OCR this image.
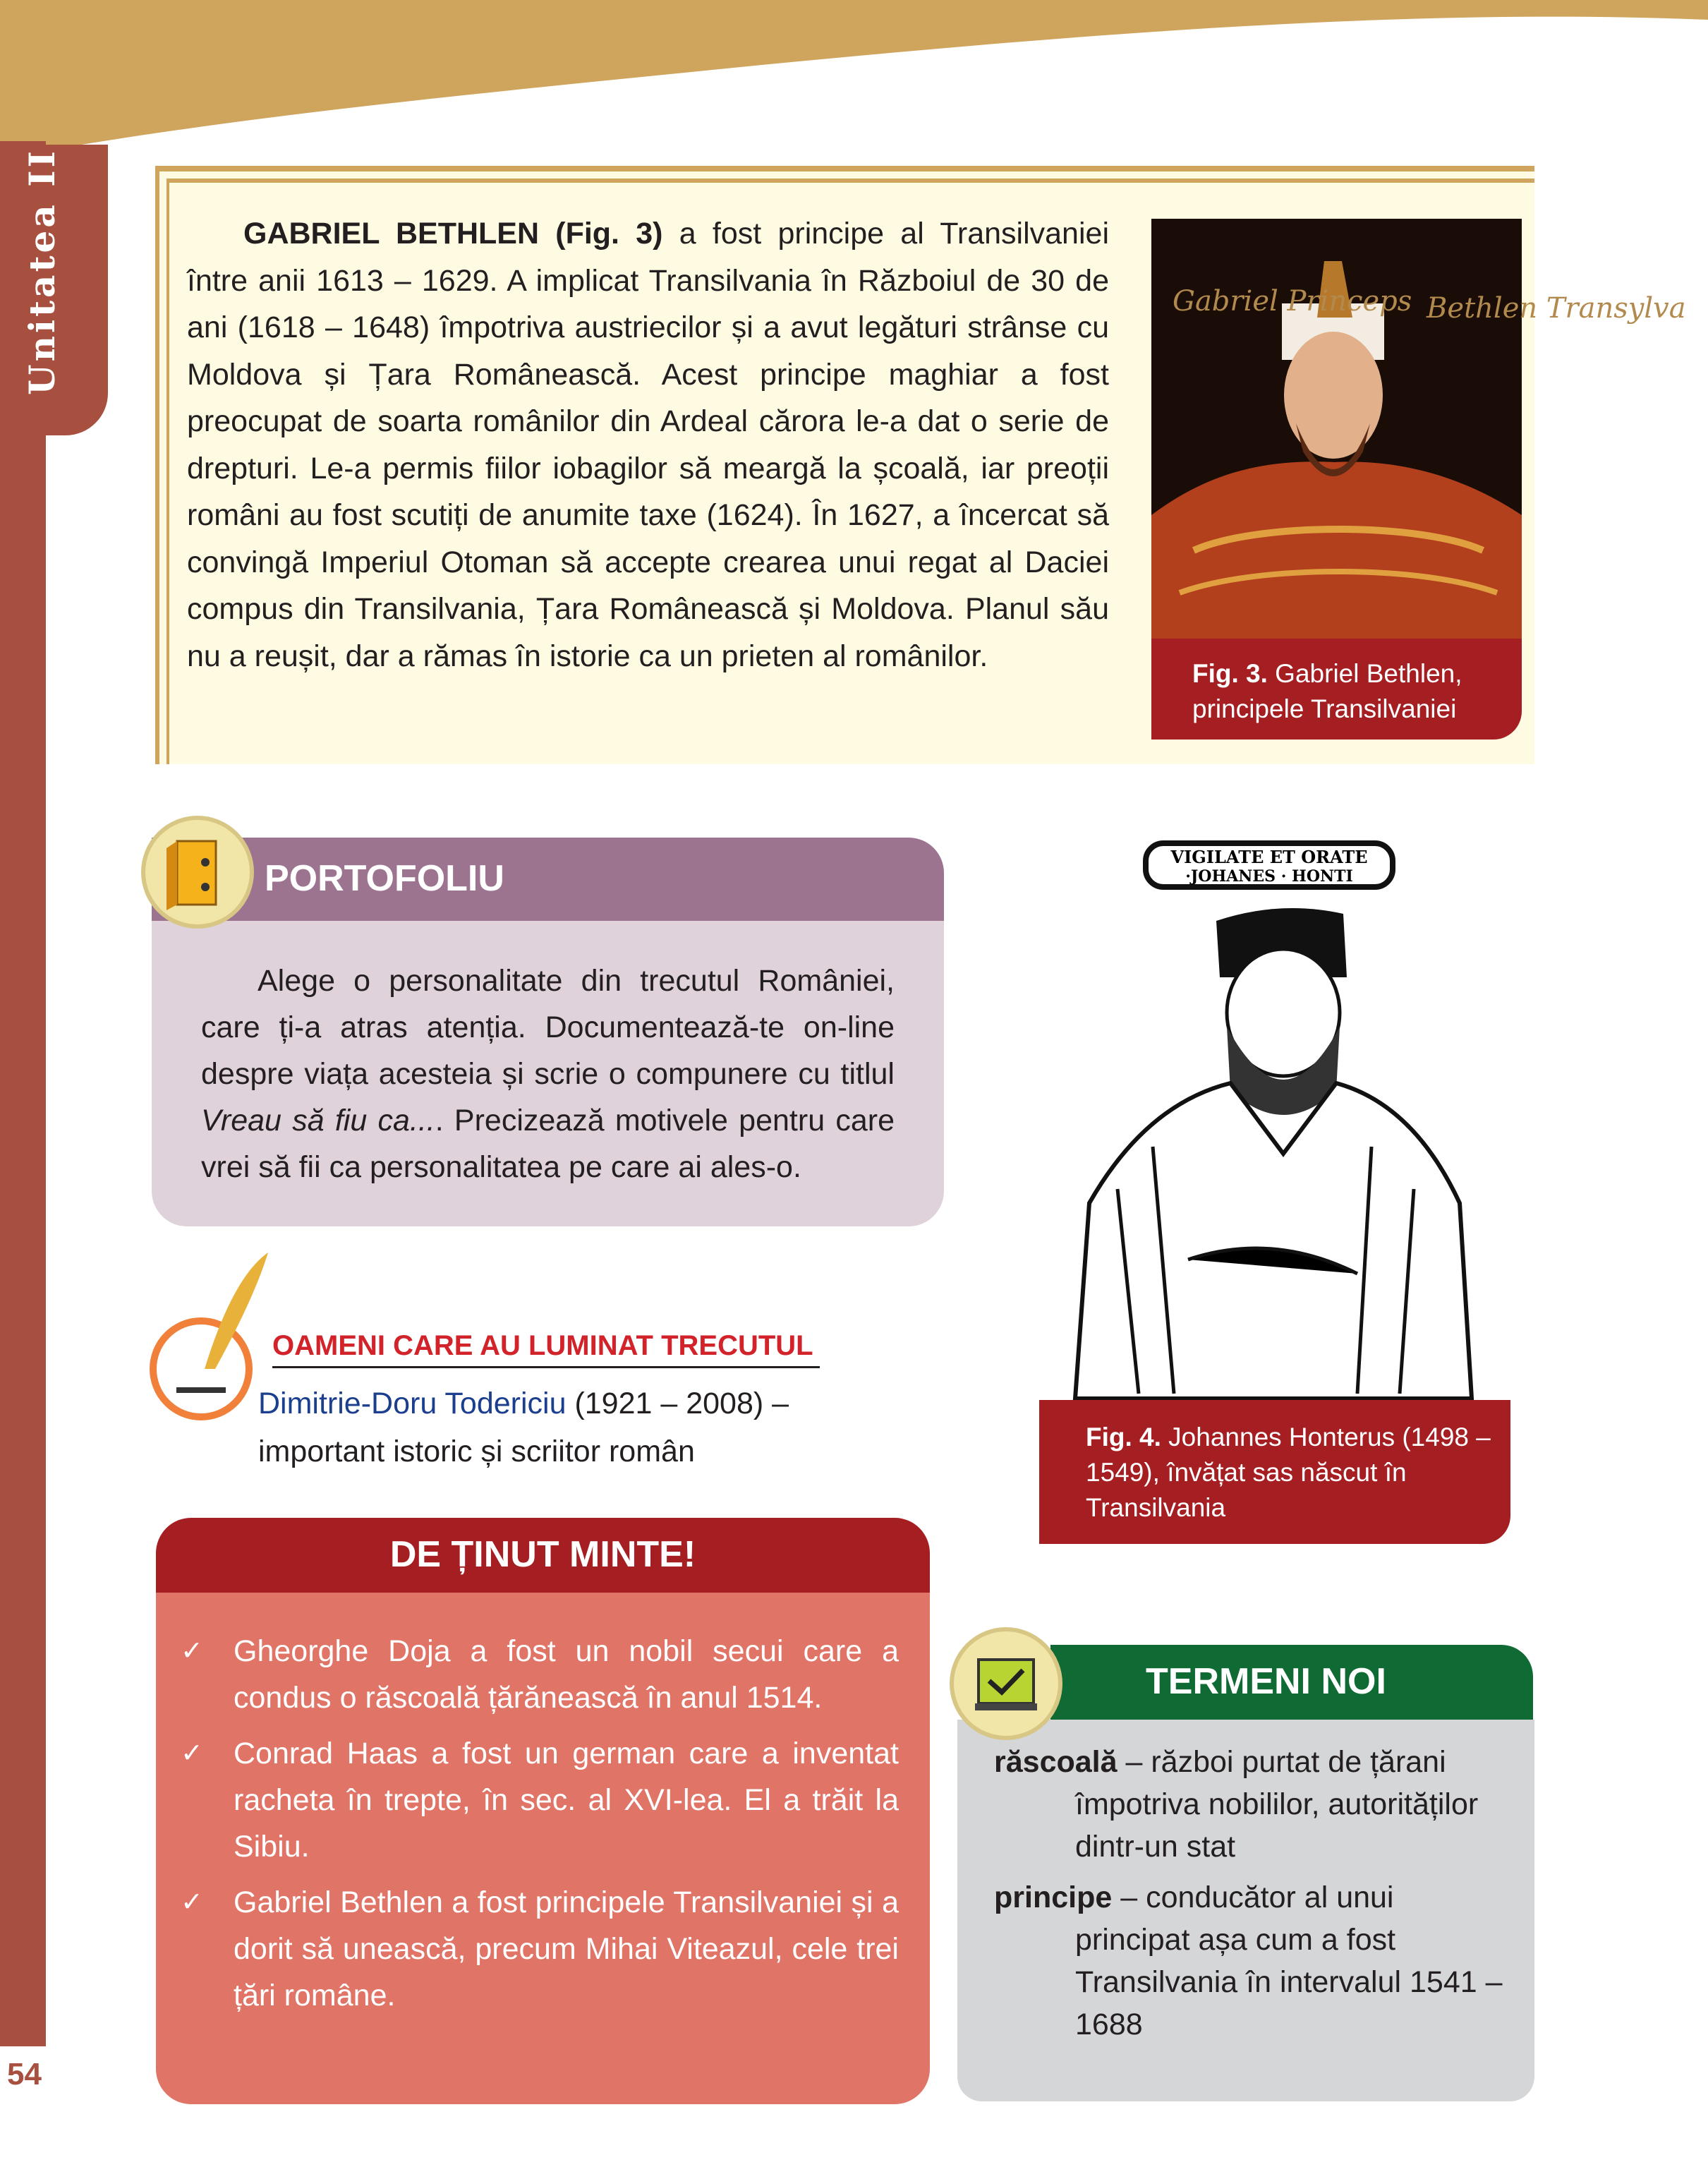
Unitatea II
54

GABRIEL BETHLEN (Fig. 3) a fost principe al Transilvaniei între anii 1613 – 1629. A implicat Transilvania în Războiul de 30 de ani (1618 – 1648) împotriva austriecilor și a avut legături strânse cu Moldova și Țara Românească. Acest principe maghiar a fost preocupat de soarta românilor din Ardeal cărora le-a dat o serie de drepturi. Le-a permis fiilor iobagilor să meargă la școală, iar preoții români au fost scutiți de anumite taxe (1624). În 1627, a încercat să convingă Imperiul Otoman să accepte crearea unui regat al Daciei compus din Transilvania, Țara Românească și Moldova. Planul său nu a reușit, dar a rămas în istorie ca un prieten al românilor.

Gabriel Princeps Bethlen Transylva
Fig. 3. Gabriel Bethlen, principele Transilvaniei
PORTOFOLIU
Alege o personalitate din trecutul României, care ți-a atras atenția. Documentează-te on-line despre viața acesteia și scrie o compunere cu titlul Vreau să fiu ca.... Precizează motivele pentru care vrei să fii ca personalitatea pe care ai ales-o.
VIGILATE ET ORATE
·JOHANES · HONTI
Fig. 4. Johannes Honterus (1498 – 1549), învățat sas născut în Transilvania
OAMENI CARE AU LUMINAT TRECUTUL

Dimitrie-Doru Todericiu (1921 – 2008) – important istoric și scriitor român

DE ȚINUT MINTE!
✓ Gheorghe Doja a fost un nobil secui care a condus o răscoală țărănească în anul 1514.
✓ Conrad Haas a fost un german care a inventat racheta în trepte, în sec. al XVI-lea. El a trăit la Sibiu.
✓ Gabriel Bethlen a fost principele Transilvaniei și a dorit să unească, precum Mihai Viteazul, cele trei țări române.
TERMENI NOI
răscoală – război purtat de țărani împotriva nobililor, autorităților dintr-un stat
principe – conducător al unui principat așa cum a fost Transilvania în intervalul 1541 – 1688
